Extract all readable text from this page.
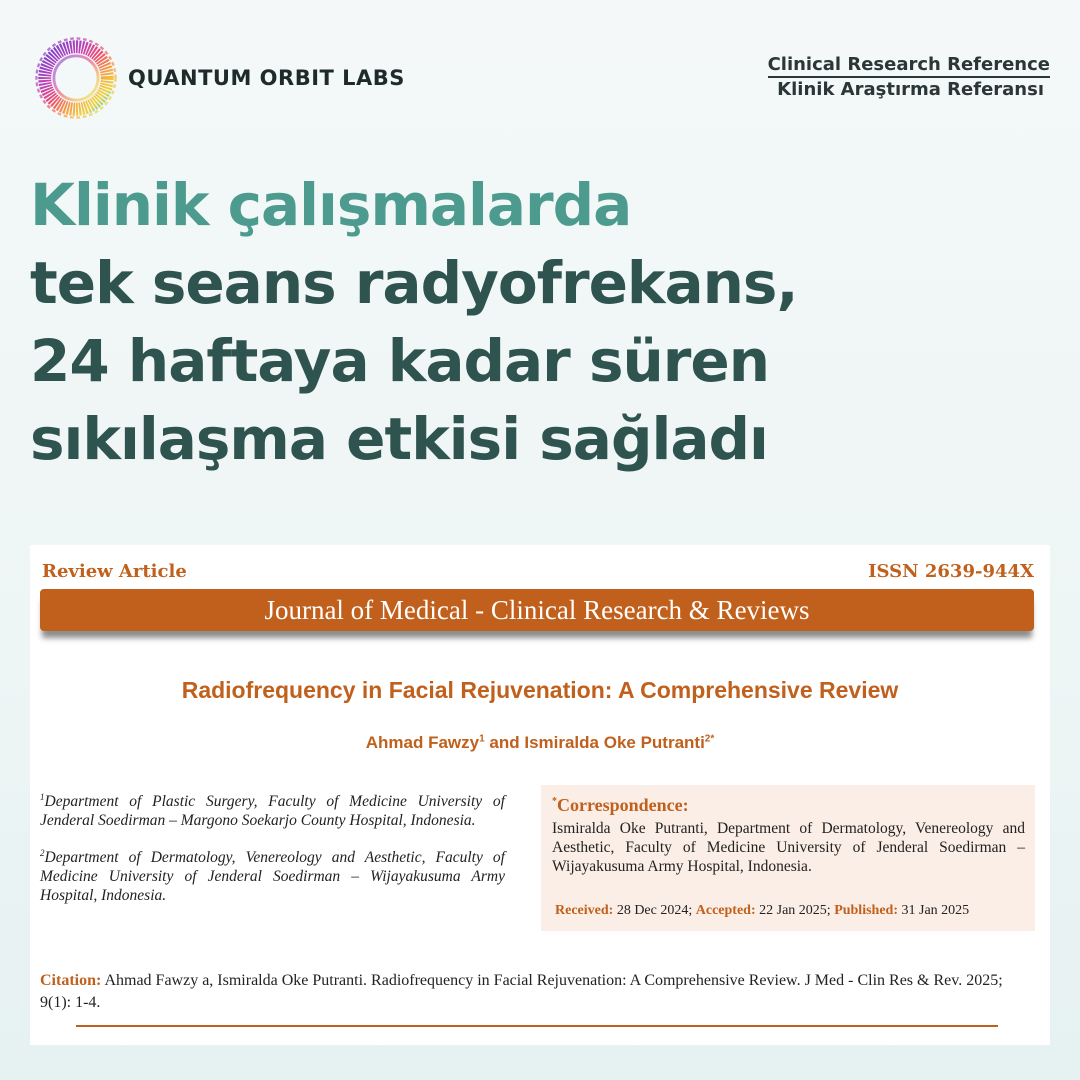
QUANTUM ORBIT LABS
Clinical Research Reference
Klinik Araştırma Referansı
Klinik çalışmalarda
tek seans radyofrekans,
24 haftaya kadar süren
sıkılaşma etkisi sağladı
Review Article	ISSN 2639-944X
Journal of Medical - Clinical Research & Reviews
Radiofrequency in Facial Rejuvenation: A Comprehensive Review
Ahmad Fawzy$^1$ and Ismiralda Oke Putranti$^{2*}$

$^1$Department of Plastic Surgery, Faculty of Medicine University of Jenderal Soedirman – Margono Soekarjo County Hospital, Indonesia.

$^2$Department of Dermatology, Venereology and Aesthetic, Faculty of Medicine University of Jenderal Soedirman – Wijayakusuma Army Hospital, Indonesia.

*Correspondence:
Ismiralda Oke Putranti, Department of Dermatology, Venereology and Aesthetic, Faculty of Medicine University of Jenderal Soedirman – Wijayakusuma Army Hospital, Indonesia.
Received: 28 Dec 2024; Accepted: 22 Jan 2025; Published: 31 Jan 2025
Citation: Ahmad Fawzy a, Ismiralda Oke Putranti. Radiofrequency in Facial Rejuvenation: A Comprehensive Review. J Med - Clin Res & Rev. 2025; 9(1): 1-4.
